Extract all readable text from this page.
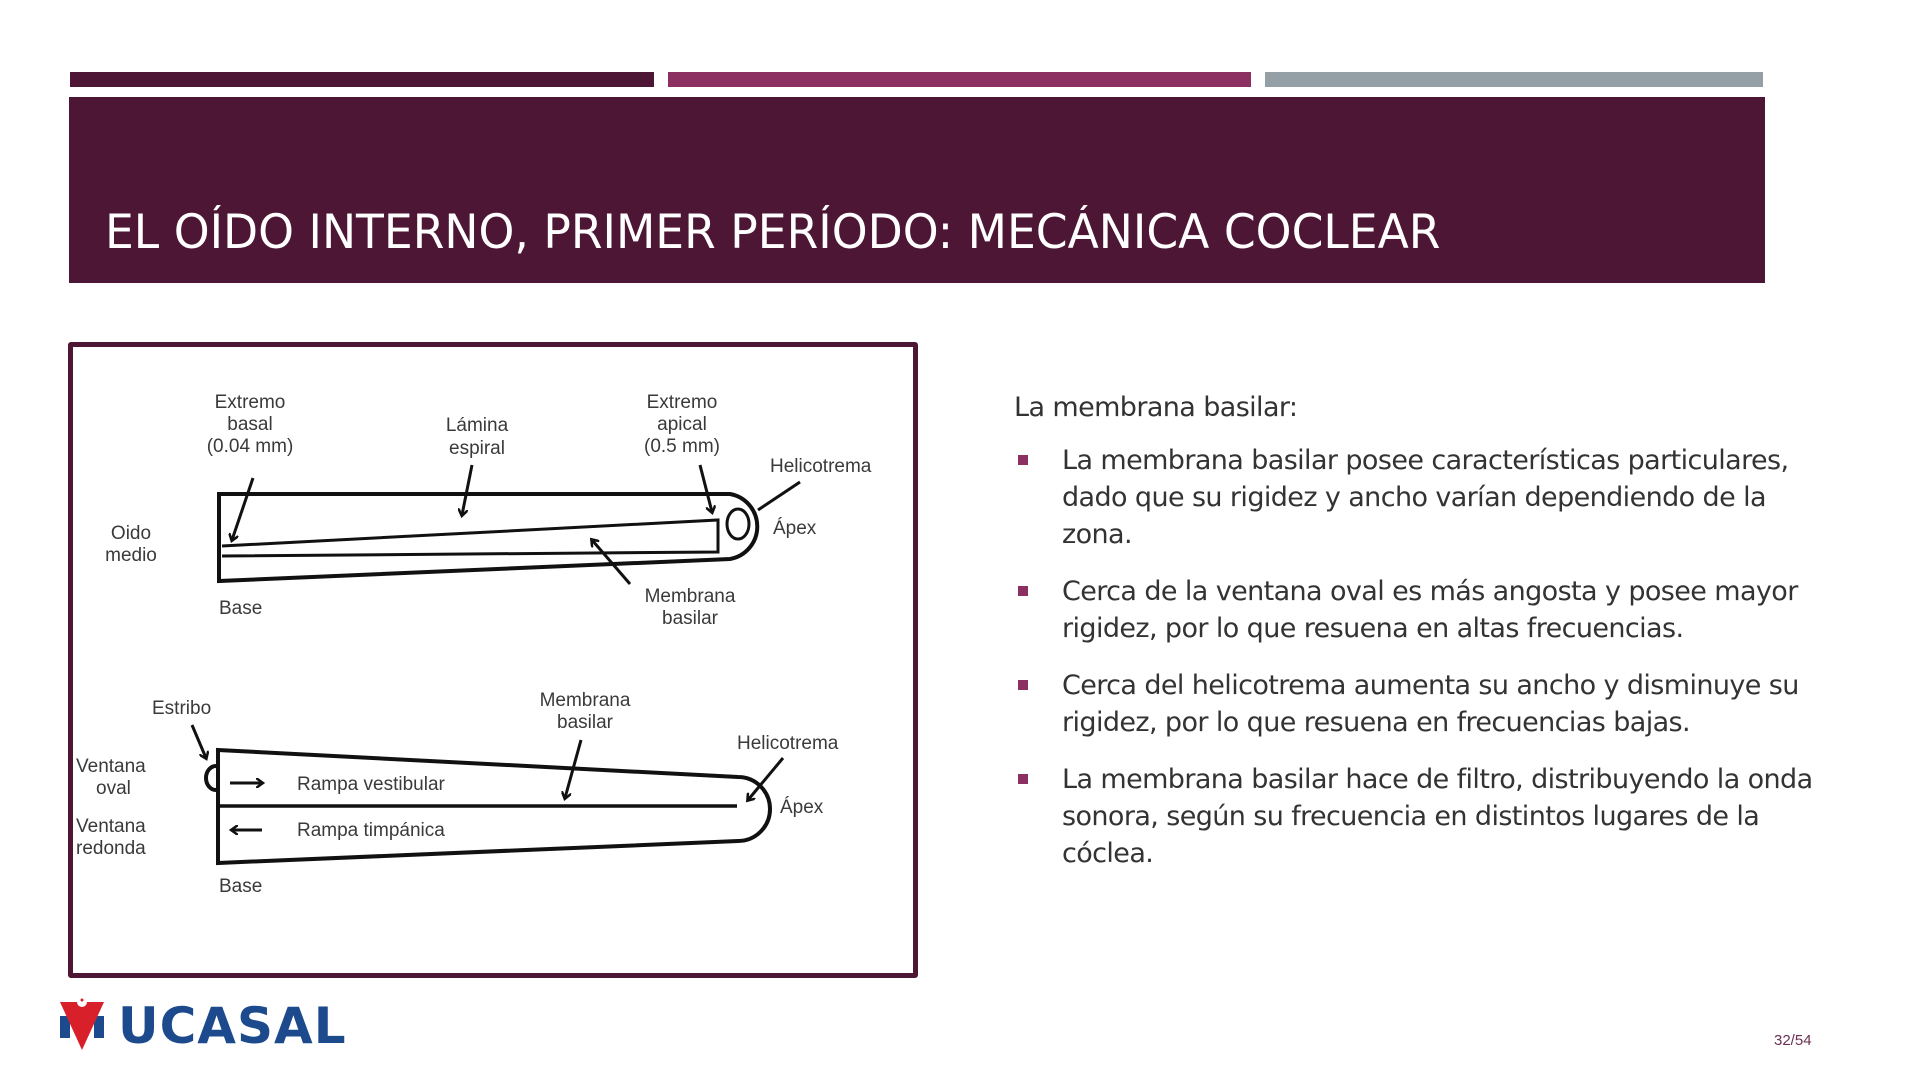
EL OÍDO INTERNO, PRIMER PERÍODO: MECÁNICA COCLEAR
Extremo
basal
(0.04 mm)
Lámina
espiral
Extremo
apical
(0.5 mm)
Helicotrema
Ápex
Oido
medio
Base
Membrana
basilar
Estribo	Membrana
basilar
Helicotrema
Ventana
oval
Ventana
redonda
Rampa vestibular
Rampa timpánica
Ápex
Base

La membrana basilar:

La membrana basilar posee características particulares, dado que su rigidez y ancho varían dependiendo de la zona.
Cerca de la ventana oval es más angosta y posee mayor rigidez, por lo que resuena en altas frecuencias.
Cerca del helicotrema aumenta su ancho y disminuye su rigidez, por lo que resuena en frecuencias bajas.
La membrana basilar hace de filtro, distribuyendo la onda sonora, según su frecuencia en distintos lugares de la cóclea.
UCASAL	32/54
